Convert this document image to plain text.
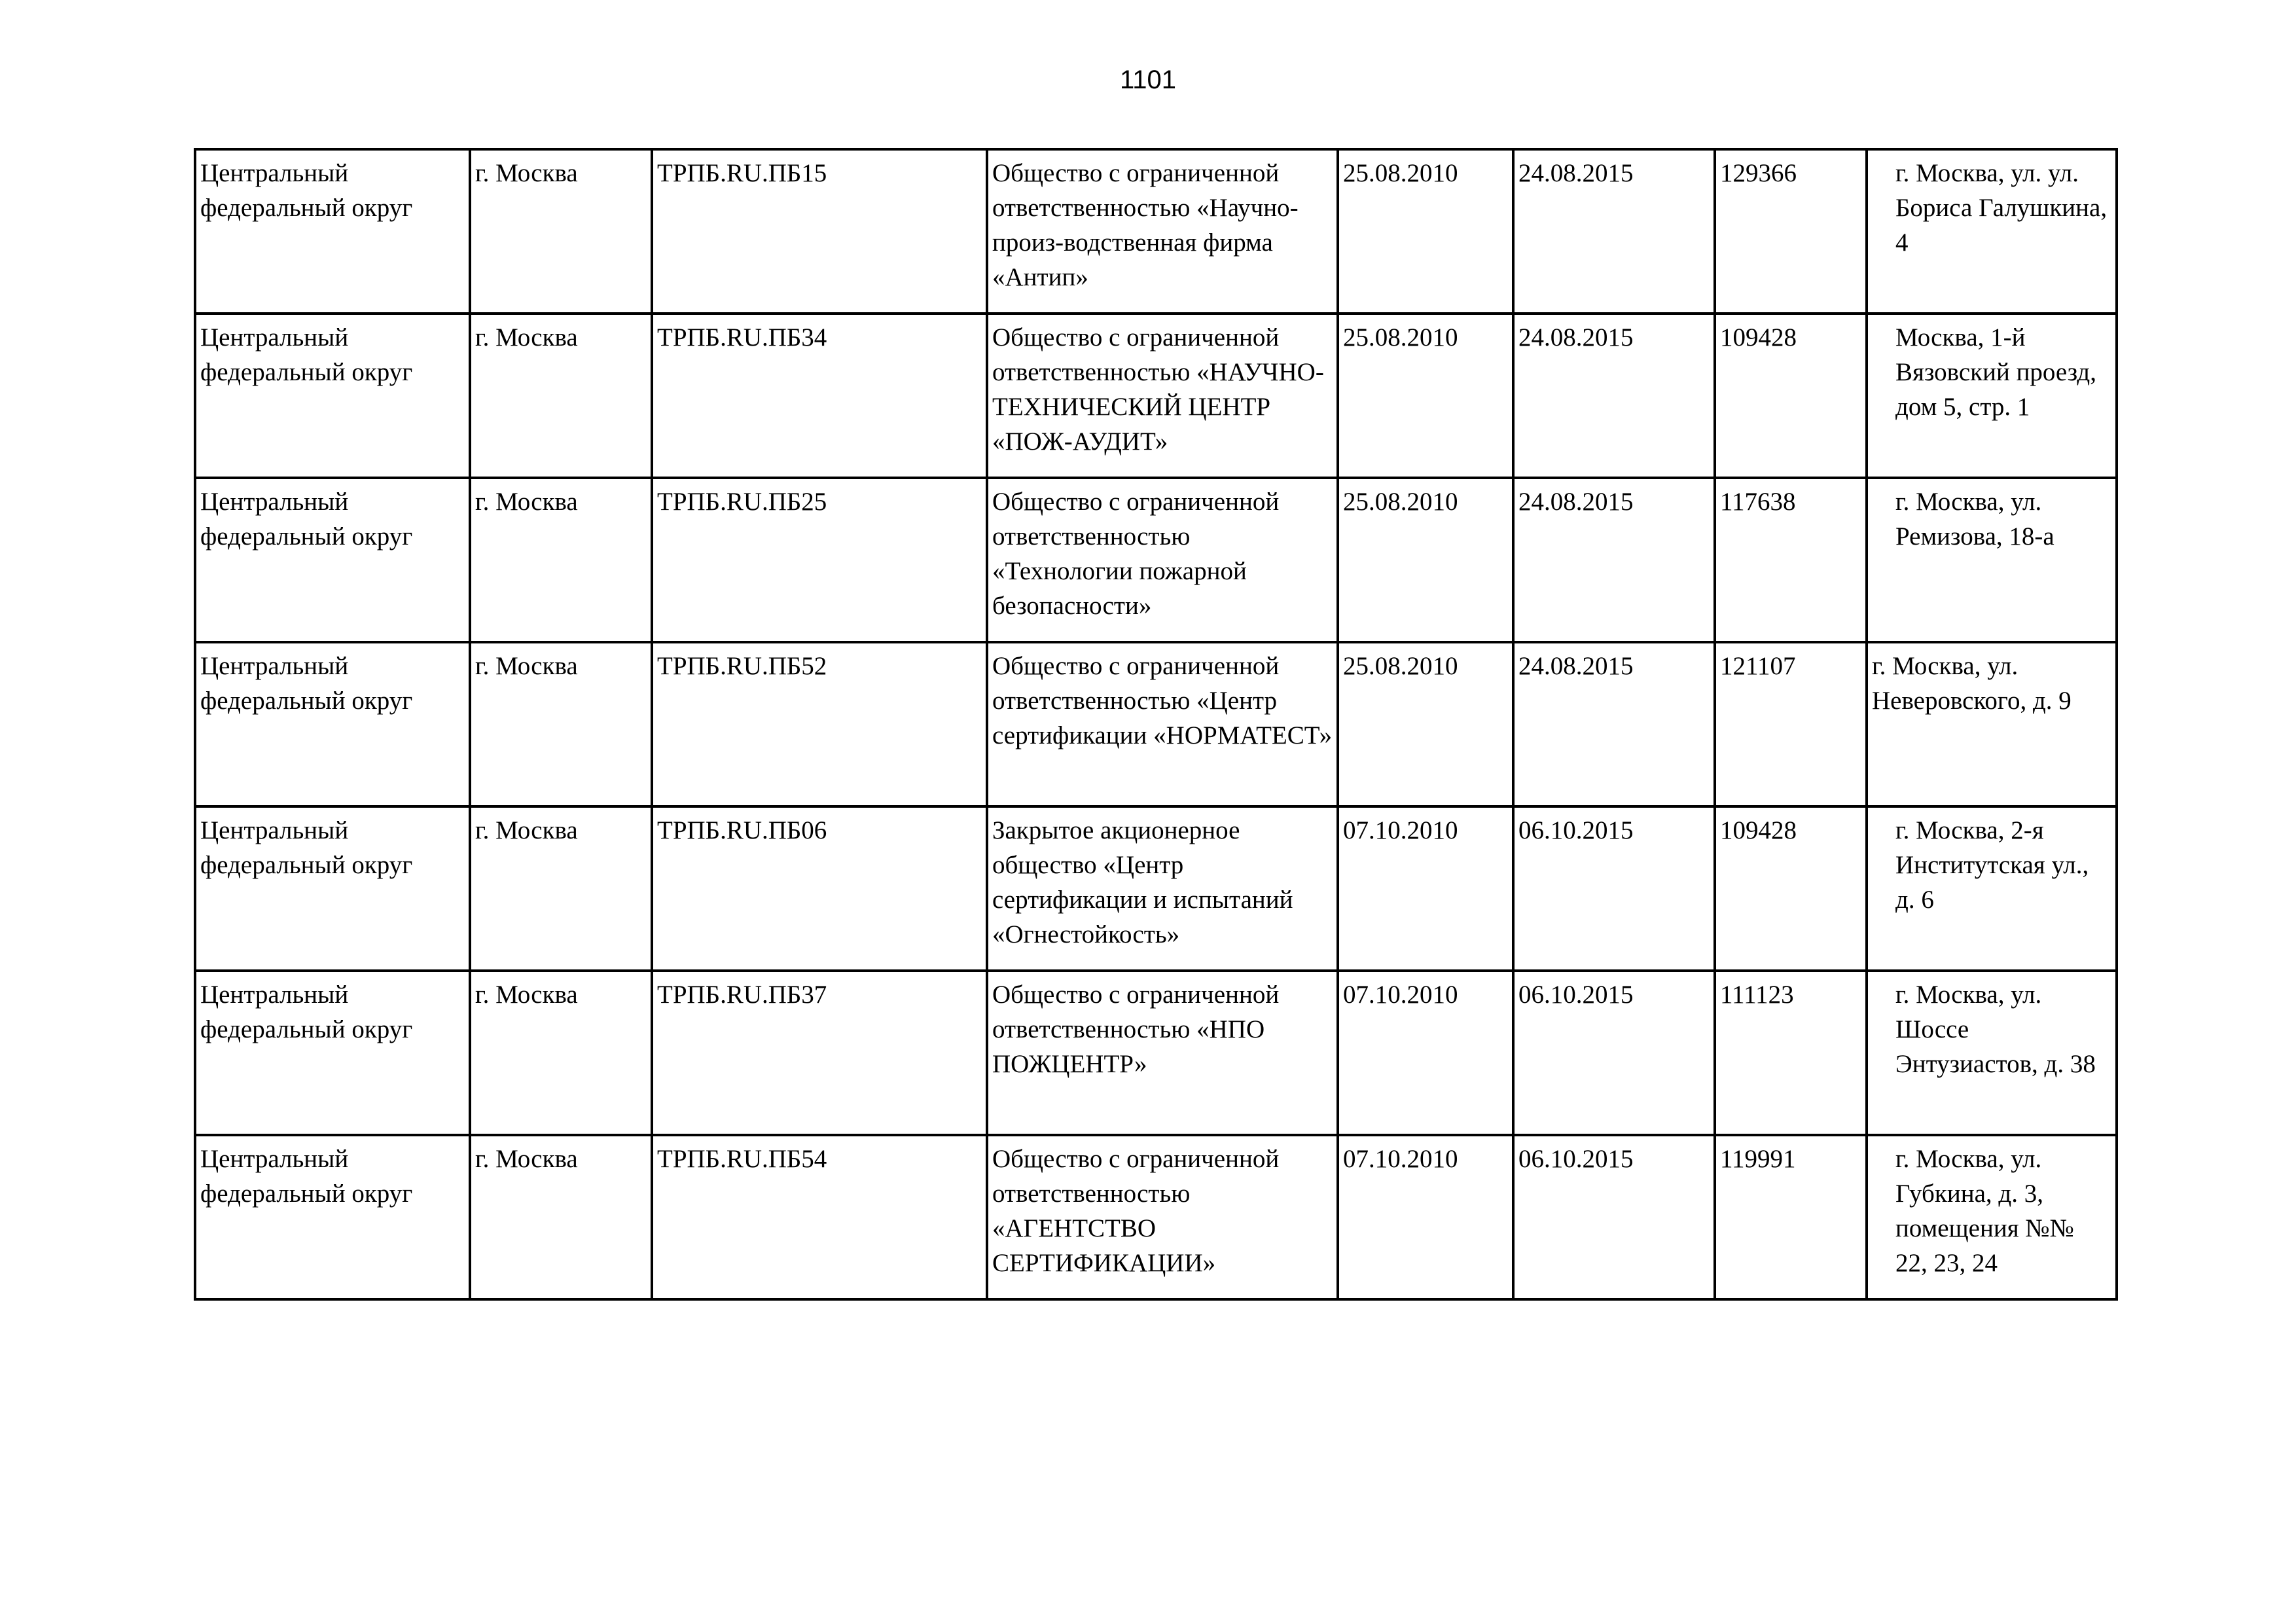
1101
Центральный федеральный округ	г. Москва	ТРПБ.RU.ПБ15	Общество с ограниченной ответственностью «Научно-произ-водственная фирма «Антип»	25.08.2010	24.08.2015	129366	г. Москва, ул. ул. Бориса Галушкина, 4

Центральный федеральный округ	г. Москва	ТРПБ.RU.ПБ34	Общество с ограниченной ответственностью «НАУЧНО-ТЕХНИЧЕСКИЙ ЦЕНТР «ПОЖ-АУДИТ»	25.08.2010	24.08.2015	109428	Москва, 1-й Вязовский проезд, дом 5, стр. 1

Центральный федеральный округ	г. Москва	ТРПБ.RU.ПБ25	Общество с ограниченной ответственностью «Технологии пожарной безопасности»	25.08.2010	24.08.2015	117638	г. Москва, ул. Ремизова, 18-а

Центральный федеральный округ	г. Москва	ТРПБ.RU.ПБ52	Общество с ограниченной ответственностью «Центр сертификации «НОРМАТЕСТ»	25.08.2010	24.08.2015	121107	г. Москва, ул. Неверовского, д. 9

Центральный федеральный округ	г. Москва	ТРПБ.RU.ПБ06	Закрытое акционерное общество «Центр сертификации и испытаний «Огнестойкость»	07.10.2010	06.10.2015	109428	г. Москва, 2-я Институтская ул., д. 6

Центральный федеральный округ	г. Москва	ТРПБ.RU.ПБ37	Общество с ограниченной ответственностью «НПО ПОЖЦЕНТР»	07.10.2010	06.10.2015	111123	г. Москва, ул. Шоссе Энтузиастов, д. 38

Центральный федеральный округ	г. Москва	ТРПБ.RU.ПБ54	Общество с ограниченной ответственностью «АГЕНТСТВО СЕРТИФИКАЦИИ»	07.10.2010	06.10.2015	119991	г. Москва, ул. Губкина, д. 3, помещения №№ 22, 23, 24
